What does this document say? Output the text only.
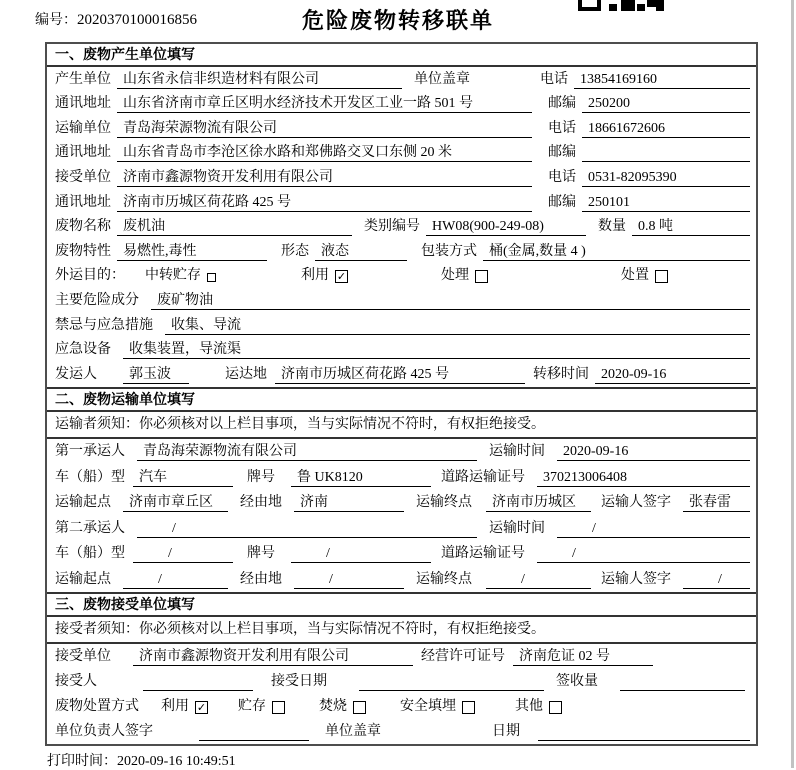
编号：2020370100016856	危险废物转移联单
一、废物产生单位填写
产生单位 山东省永信非织造材料有限公司	单位盖章	电话 13854169160
通讯地址 山东省济南市章丘区明水经济技术开发区工业一路 501 号	邮编 250200
运输单位 青岛海荣源物流有限公司	电话 18661672606
通讯地址 山东省青岛市李沧区徐水路和郑佛路交叉口东侧 20 米	邮编
接受单位 济南市鑫源物资开发利用有限公司	电话 0531-82095390
通讯地址 济南市历城区荷花路 425 号	邮编 250101
废物名称 废机油	类别编号 HW08(900-249-08)	数量 0.8 吨
废物特性 易燃性,毒性	形态 液态	包装方式 桶(金属,数量 4 )
外运目的：	中转贮存	利用 ✓	处理	处置
主要危险成分	废矿物油
禁忌与应急措施	收集、导流
应急设备	收集装置，导流渠
发运人	郭玉波	运达地	济南市历城区荷花路 425 号	转移时间 2020-09-16
二、废物运输单位填写
运输者须知：你必须核对以上栏目事项，当与实际情况不符时，有权拒绝接受。
第一承运人	青岛海荣源物流有限公司	运输时间	2020-09-16
车（船）型	汽车	牌号	鲁 UK8120	道路运输证号	370213006408
运输起点	济南市章丘区	经由地	济南	运输终点	济南市历城区	运输人签字	张春雷
第二承运人	/	运输时间	/
车（船）型	/	牌号	/	道路运输证号	/
运输起点	/	经由地	/	运输终点	/	运输人签字	/
三、废物接受单位填写
接受者须知：你必须核对以上栏目事项，当与实际情况不符时，有权拒绝接受。
接受单位	济南市鑫源物资开发利用有限公司	经营许可证号	济南危证 02 号
接受人	接受日期	签收量
废物处置方式	利用 ✓ 贮存	焚烧	安全填埋	其他
单位负责人签字	单位盖章	日期
打印时间：2020-09-16 10:49:51
